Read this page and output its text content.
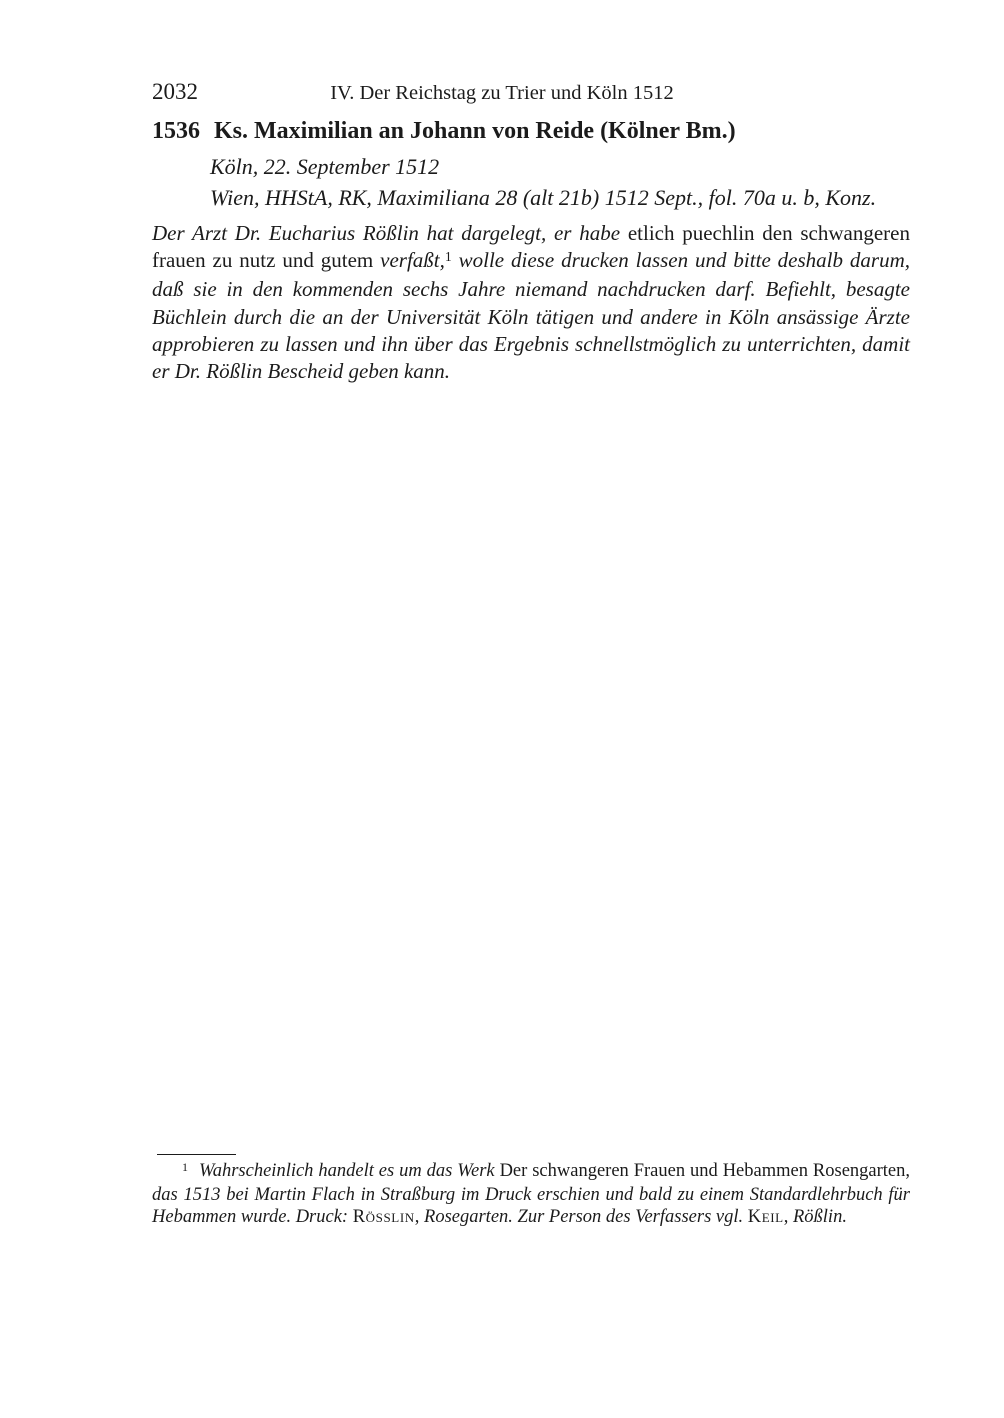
2032	IV. Der Reichstag zu Trier und Köln 1512
1536 Ks. Maximilian an Johann von Reide (Kölner Bm.)
Köln, 22. September 1512
Wien, HHStA, RK, Maximiliana 28 (alt 21b) 1512 Sept., fol. 70a u. b, Konz.

Der Arzt Dr. Eucharius Rößlin hat dargelegt, er habe etlich puechlin den schwangeren frauen zu nutz und gutem verfaßt,$^1$ wolle diese drucken lassen und bitte deshalb darum, daß sie in den kommenden sechs Jahre niemand nachdrucken darf. Befiehlt, besagte Büchlein durch die an der Universität Köln tätigen und andere in Köln ansässige Ärzte approbieren zu lassen und ihn über das Ergebnis schnellstmöglich zu unterrichten, damit er Dr. Rößlin Bescheid geben kann.

$^1$ Wahrscheinlich handelt es um das Werk Der schwangeren Frauen und Hebammen Rosengarten, das 1513 bei Martin Flach in Straßburg im Druck erschien und bald zu einem Standardlehrbuch für Hebammen wurde. Druck: Rösslin, Rosegarten. Zur Person des Verfassers vgl. Keil, Rößlin.
